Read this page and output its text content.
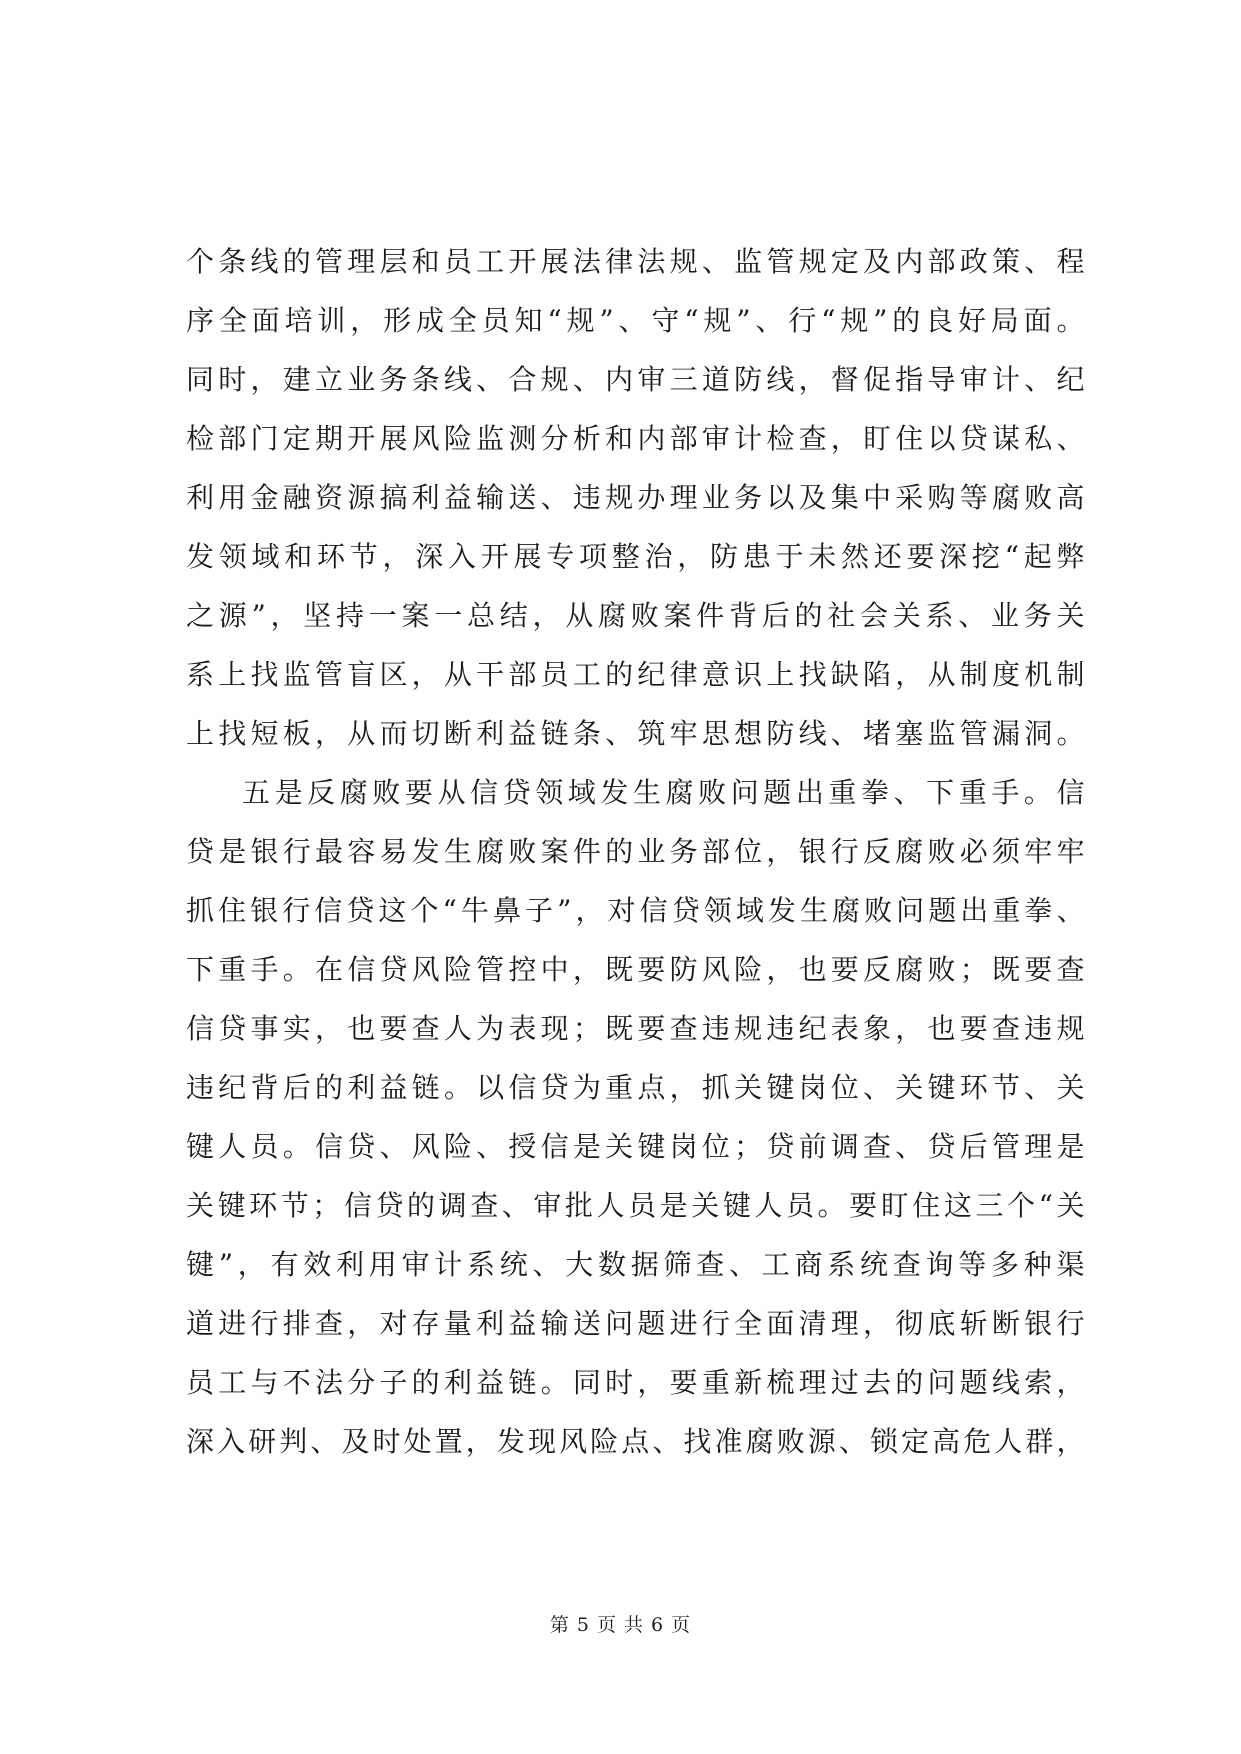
个条线的管理层和员工开展法律法规、监管规定及内部政策、程
序全面培训，形成全员知“规”、守“规”、行“规”的良好局面。
同时，建立业务条线、合规、内审三道防线，督促指导审计、纪
检部门定期开展风险监测分析和内部审计检查，盯住以贷谋私、
利用金融资源搞利益输送、违规办理业务以及集中采购等腐败高
发领域和环节，深入开展专项整治，防患于未然还要深挖“起弊
之源”，坚持一案一总结，从腐败案件背后的社会关系、业务关
系上找监管盲区，从干部员工的纪律意识上找缺陷，从制度机制
上找短板，从而切断利益链条、筑牢思想防线、堵塞监管漏洞。
五是反腐败要从信贷领域发生腐败问题出重拳、下重手。信
贷是银行最容易发生腐败案件的业务部位，银行反腐败必须牢牢
抓住银行信贷这个“牛鼻子”，对信贷领域发生腐败问题出重拳、
下重手。在信贷风险管控中，既要防风险，也要反腐败；既要查
信贷事实，也要查人为表现；既要查违规违纪表象，也要查违规
违纪背后的利益链。以信贷为重点，抓关键岗位、关键环节、关
键人员。信贷、风险、授信是关键岗位；贷前调查、贷后管理是
关键环节；信贷的调查、审批人员是关键人员。要盯住这三个“关
键”，有效利用审计系统、大数据筛查、工商系统查询等多种渠
道进行排查，对存量利益输送问题进行全面清理，彻底斩断银行
员工与不法分子的利益链。同时，要重新梳理过去的问题线索，
深入研判、及时处置，发现风险点、找准腐败源、锁定高危人群，
第 5 页 共 6 页
